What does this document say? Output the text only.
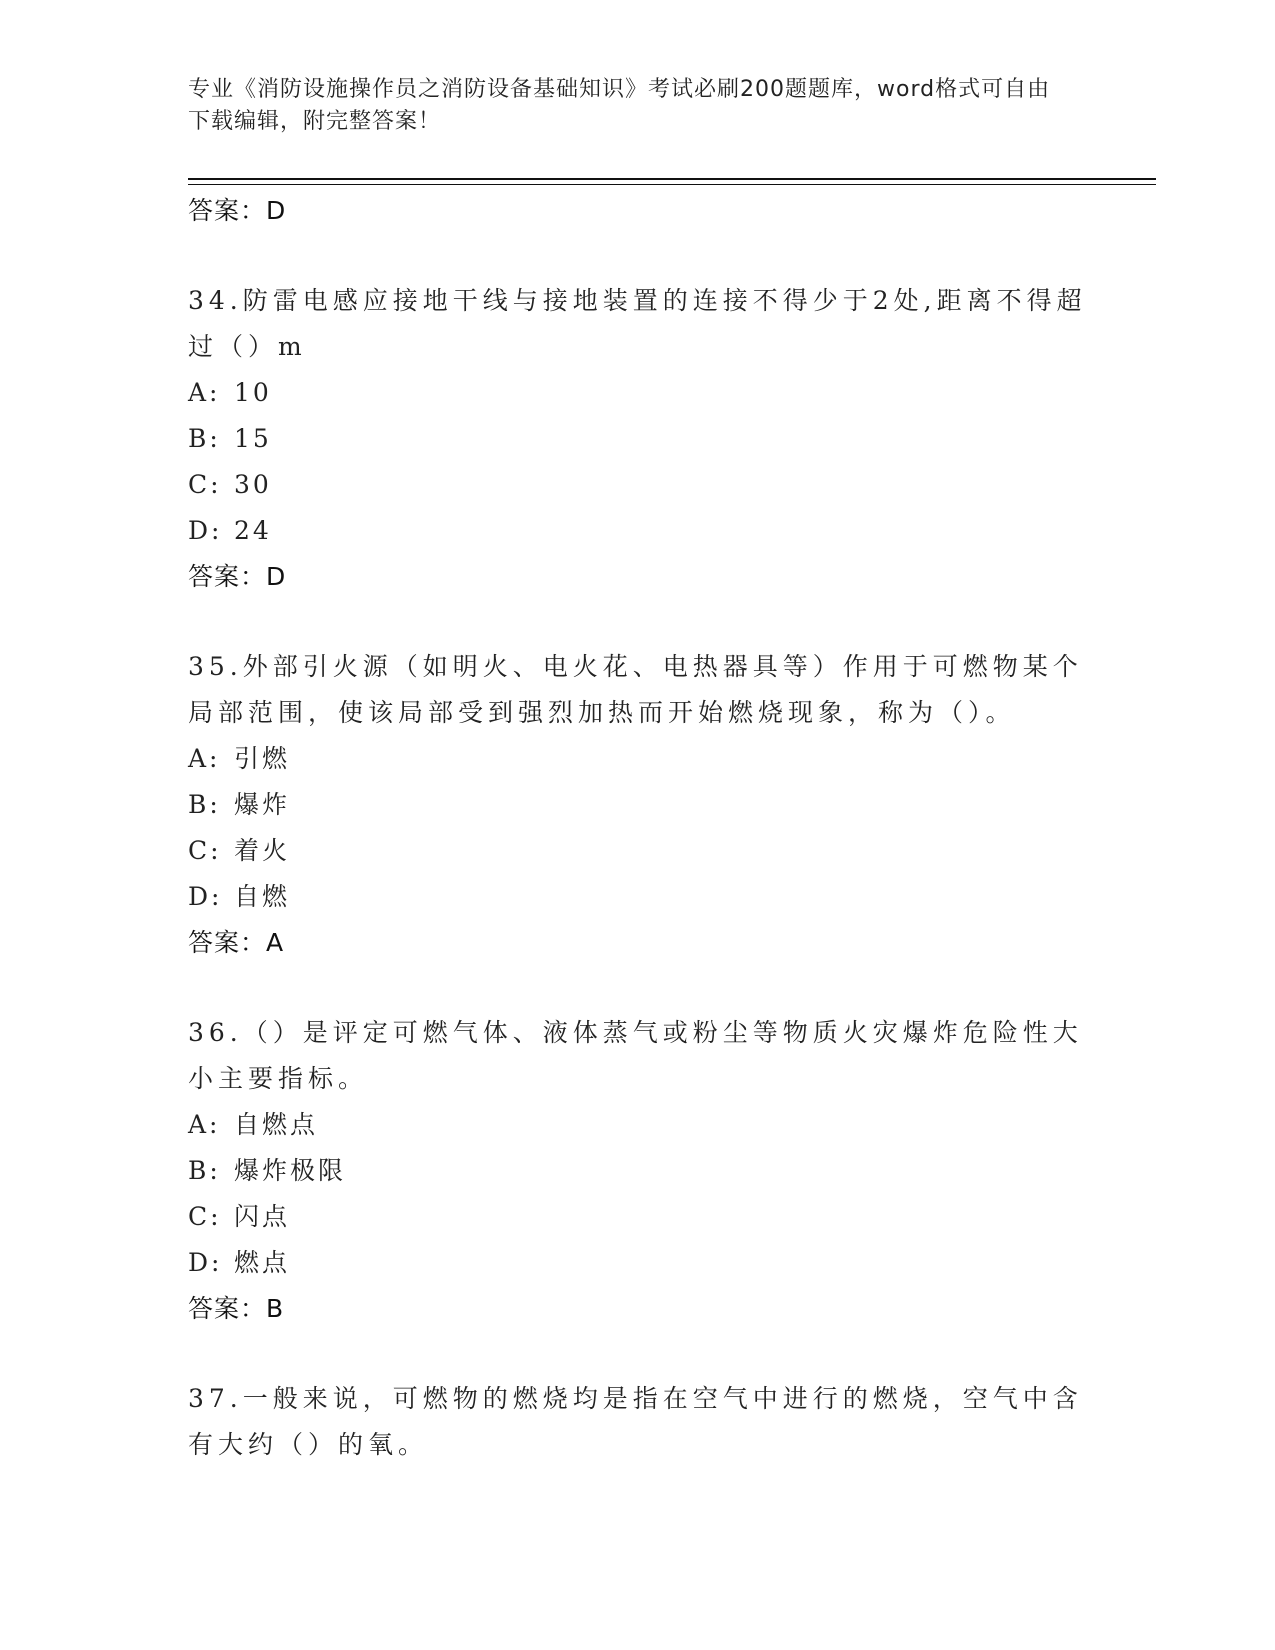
专业《消防设施操作员之消防设备基础知识》考试必刷200题题库，word格式可自由下载编辑，附完整答案！
答案：D
34.防雷电感应接地干线与接地装置的连接不得少于2处,距离不得超过（）m
A: 10
B: 15
C: 30
D: 24
答案：D
35.外部引火源（如明火、电火花、电热器具等）作用于可燃物某个局部范围，使该局部受到强烈加热而开始燃烧现象，称为（）。
A: 引燃
B: 爆炸
C: 着火
D: 自燃
答案：A
36.（）是评定可燃气体、液体蒸气或粉尘等物质火灾爆炸危险性大小主要指标。
A: 自燃点
B: 爆炸极限
C: 闪点
D: 燃点
答案：B
37.一般来说，可燃物的燃烧均是指在空气中进行的燃烧，空气中含有大约（）的氧。
